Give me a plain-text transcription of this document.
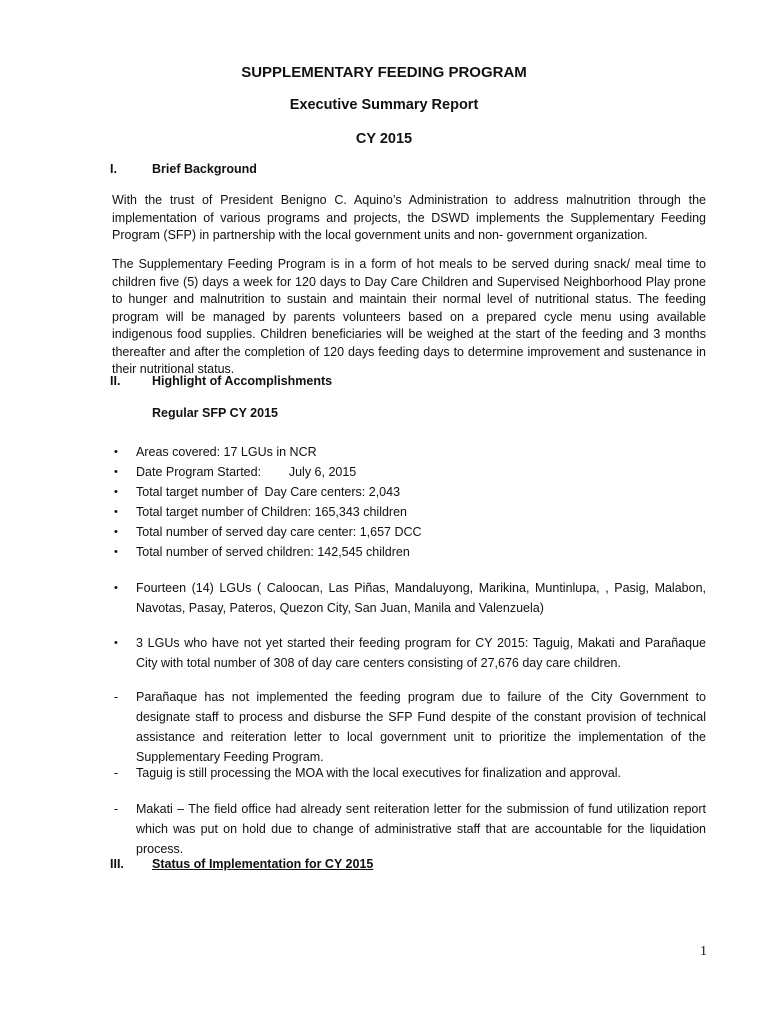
SUPPLEMENTARY FEEDING PROGRAM
Executive Summary Report
CY 2015
I.	Brief Background

With the trust of President Benigno C. Aquino’s Administration to address malnutrition through the implementation of various programs and projects, the DSWD implements the Supplementary Feeding Program (SFP) in partnership with the local government units and non- government organization.

The Supplementary Feeding Program is in a form of hot meals to be served during snack/ meal time to children five (5) days a week for 120 days to Day Care Children and Supervised Neighborhood Play prone to hunger and malnutrition to sustain and maintain their normal level of nutritional status. The feeding program will be managed by parents volunteers based on a prepared cycle menu using available indigenous food supplies. Children beneficiaries will be weighed at the start of the feeding and 3 months thereafter and after the completion of 120 days feeding days to determine improvement and sustenance in their nutritional status.

II.	Highlight of Accomplishments
Regular SFP CY 2015
• Areas covered: 17 LGUs in NCR
• Date Program Started:        July 6, 2015
• Total target number of  Day Care centers: 2,043
• Total target number of Children: 165,343 children
• Total number of served day care center: 1,657 DCC
• Total number of served children: 142,545 children
•	Fourteen (14) LGUs ( Caloocan, Las Piñas, Mandaluyong, Marikina, Muntinlupa, , Pasig, Malabon, Navotas, Pasay, Pateros, Quezon City, San Juan, Manila and Valenzuela)
•	3 LGUs who have not yet started their feeding program for CY 2015: Taguig, Makati and Parañaque City with total number of 308 of day care centers consisting of 27,676 day care children.
-	Parañaque has not implemented the feeding program due to failure of the City Government to designate staff to process and disburse the SFP Fund despite of the constant provision of technical assistance and reiteration letter to local government unit to prioritize the implementation of the Supplementary Feeding Program.
-	Taguig is still processing the MOA with the local executives for finalization and approval.
-	Makati – The field office had already sent reiteration letter for the submission of fund utilization report which was put on hold due to change of administrative staff that are accountable for the liquidation process.
III. Status of Implementation for CY 2015
1
